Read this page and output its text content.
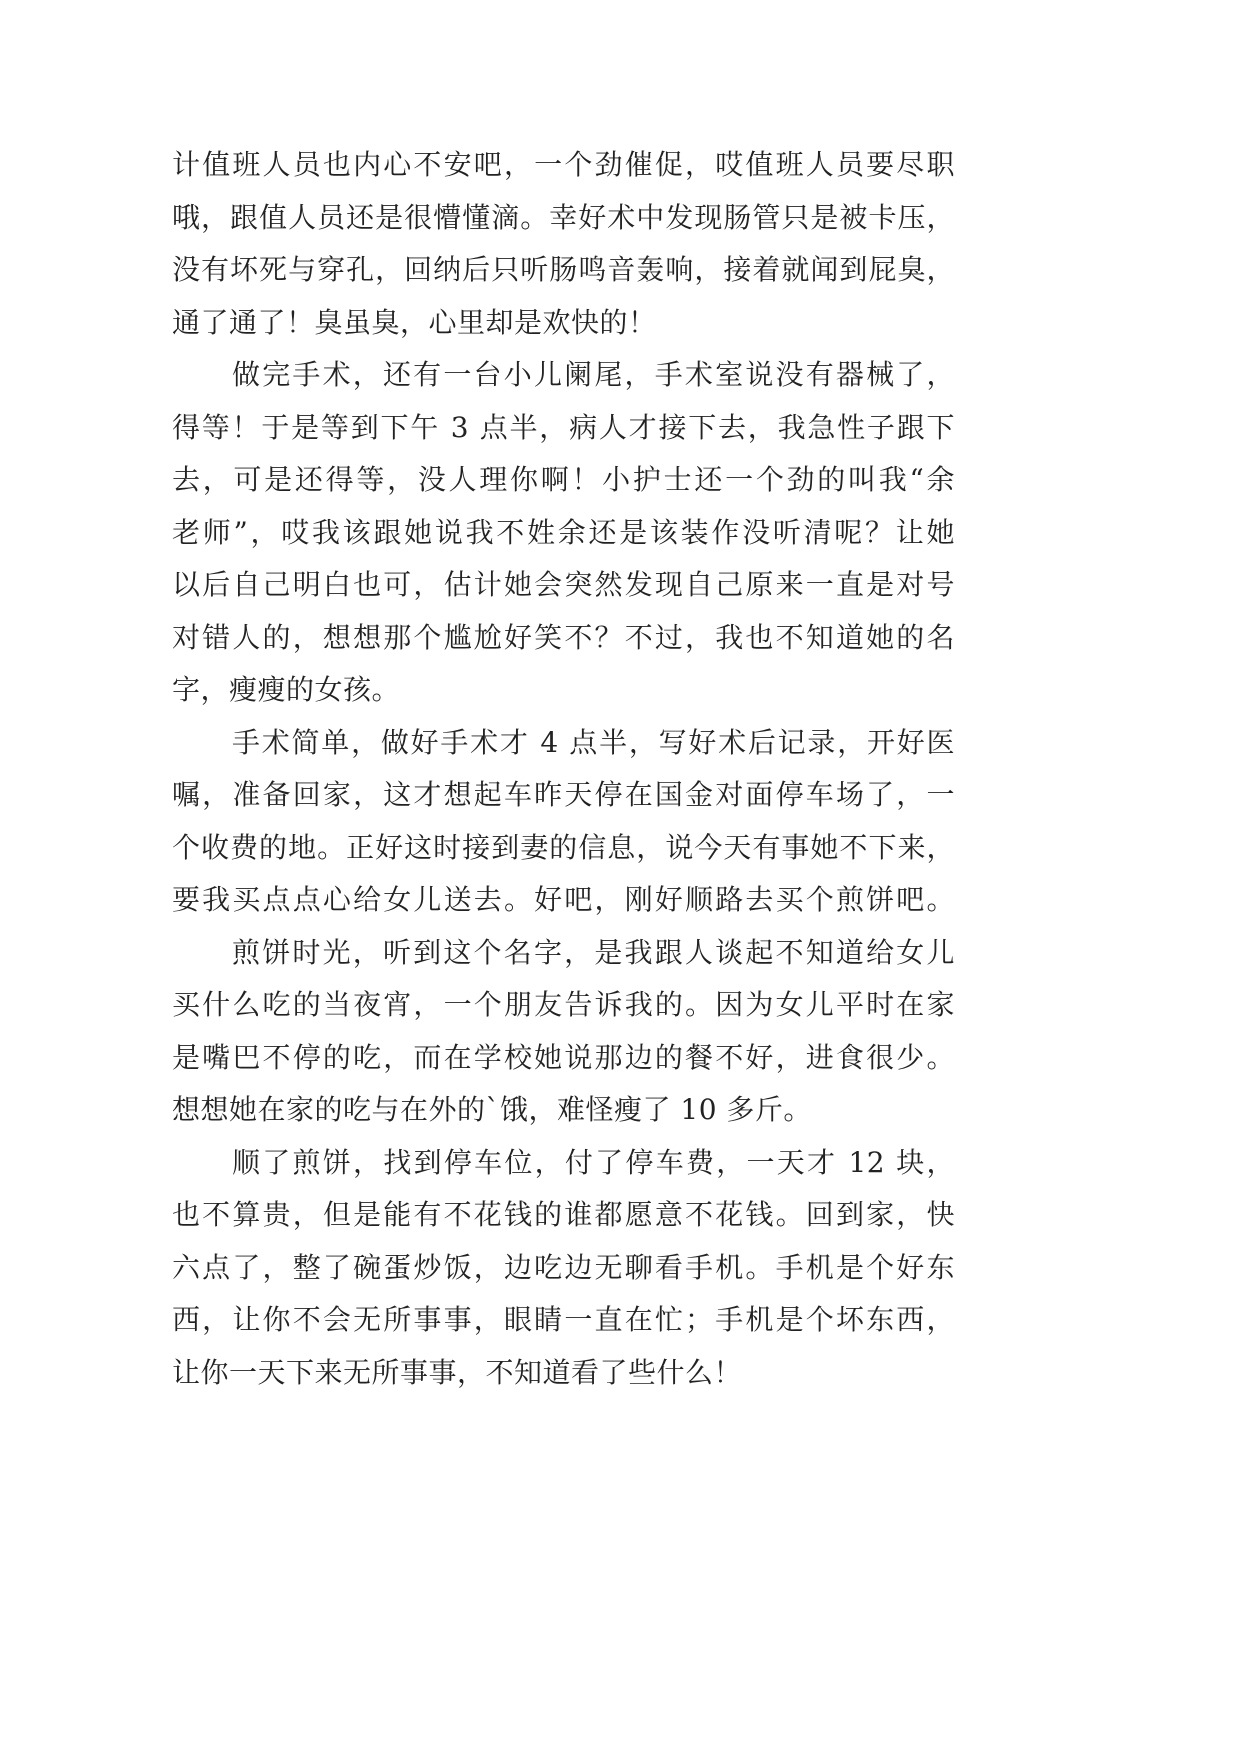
计值班人员也内心不安吧，一个劲催促，哎值班人员要尽职
哦，跟值人员还是很懵懂滴。幸好术中发现肠管只是被卡压，
没有坏死与穿孔，回纳后只听肠鸣音轰响，接着就闻到屁臭，
通了通了！臭虽臭，心里却是欢快的！
做完手术，还有一台小儿阑尾，手术室说没有器械了，
得等！于是等到下午 3 点半，病人才接下去，我急性子跟下
去，可是还得等，没人理你啊！小护士还一个劲的叫我“余
老师”，哎我该跟她说我不姓余还是该装作没听清呢？让她
以后自己明白也可，估计她会突然发现自己原来一直是对号
对错人的，想想那个尴尬好笑不？不过，我也不知道她的名
字，瘦瘦的女孩。
手术简单，做好手术才 4 点半，写好术后记录，开好医
嘱，准备回家，这才想起车昨天停在国金对面停车场了，一
个收费的地。正好这时接到妻的信息，说今天有事她不下来，
要我买点点心给女儿送去。好吧，刚好顺路去买个煎饼吧。
煎饼时光，听到这个名字，是我跟人谈起不知道给女儿
买什么吃的当夜宵，一个朋友告诉我的。因为女儿平时在家
是嘴巴不停的吃，而在学校她说那边的餐不好，进食很少。
想想她在家的吃与在外的`饿，难怪瘦了 10 多斤。
顺了煎饼，找到停车位，付了停车费，一天才 12 块，
也不算贵，但是能有不花钱的谁都愿意不花钱。回到家，快
六点了，整了碗蛋炒饭，边吃边无聊看手机。手机是个好东
西，让你不会无所事事，眼睛一直在忙；手机是个坏东西，
让你一天下来无所事事，不知道看了些什么！
